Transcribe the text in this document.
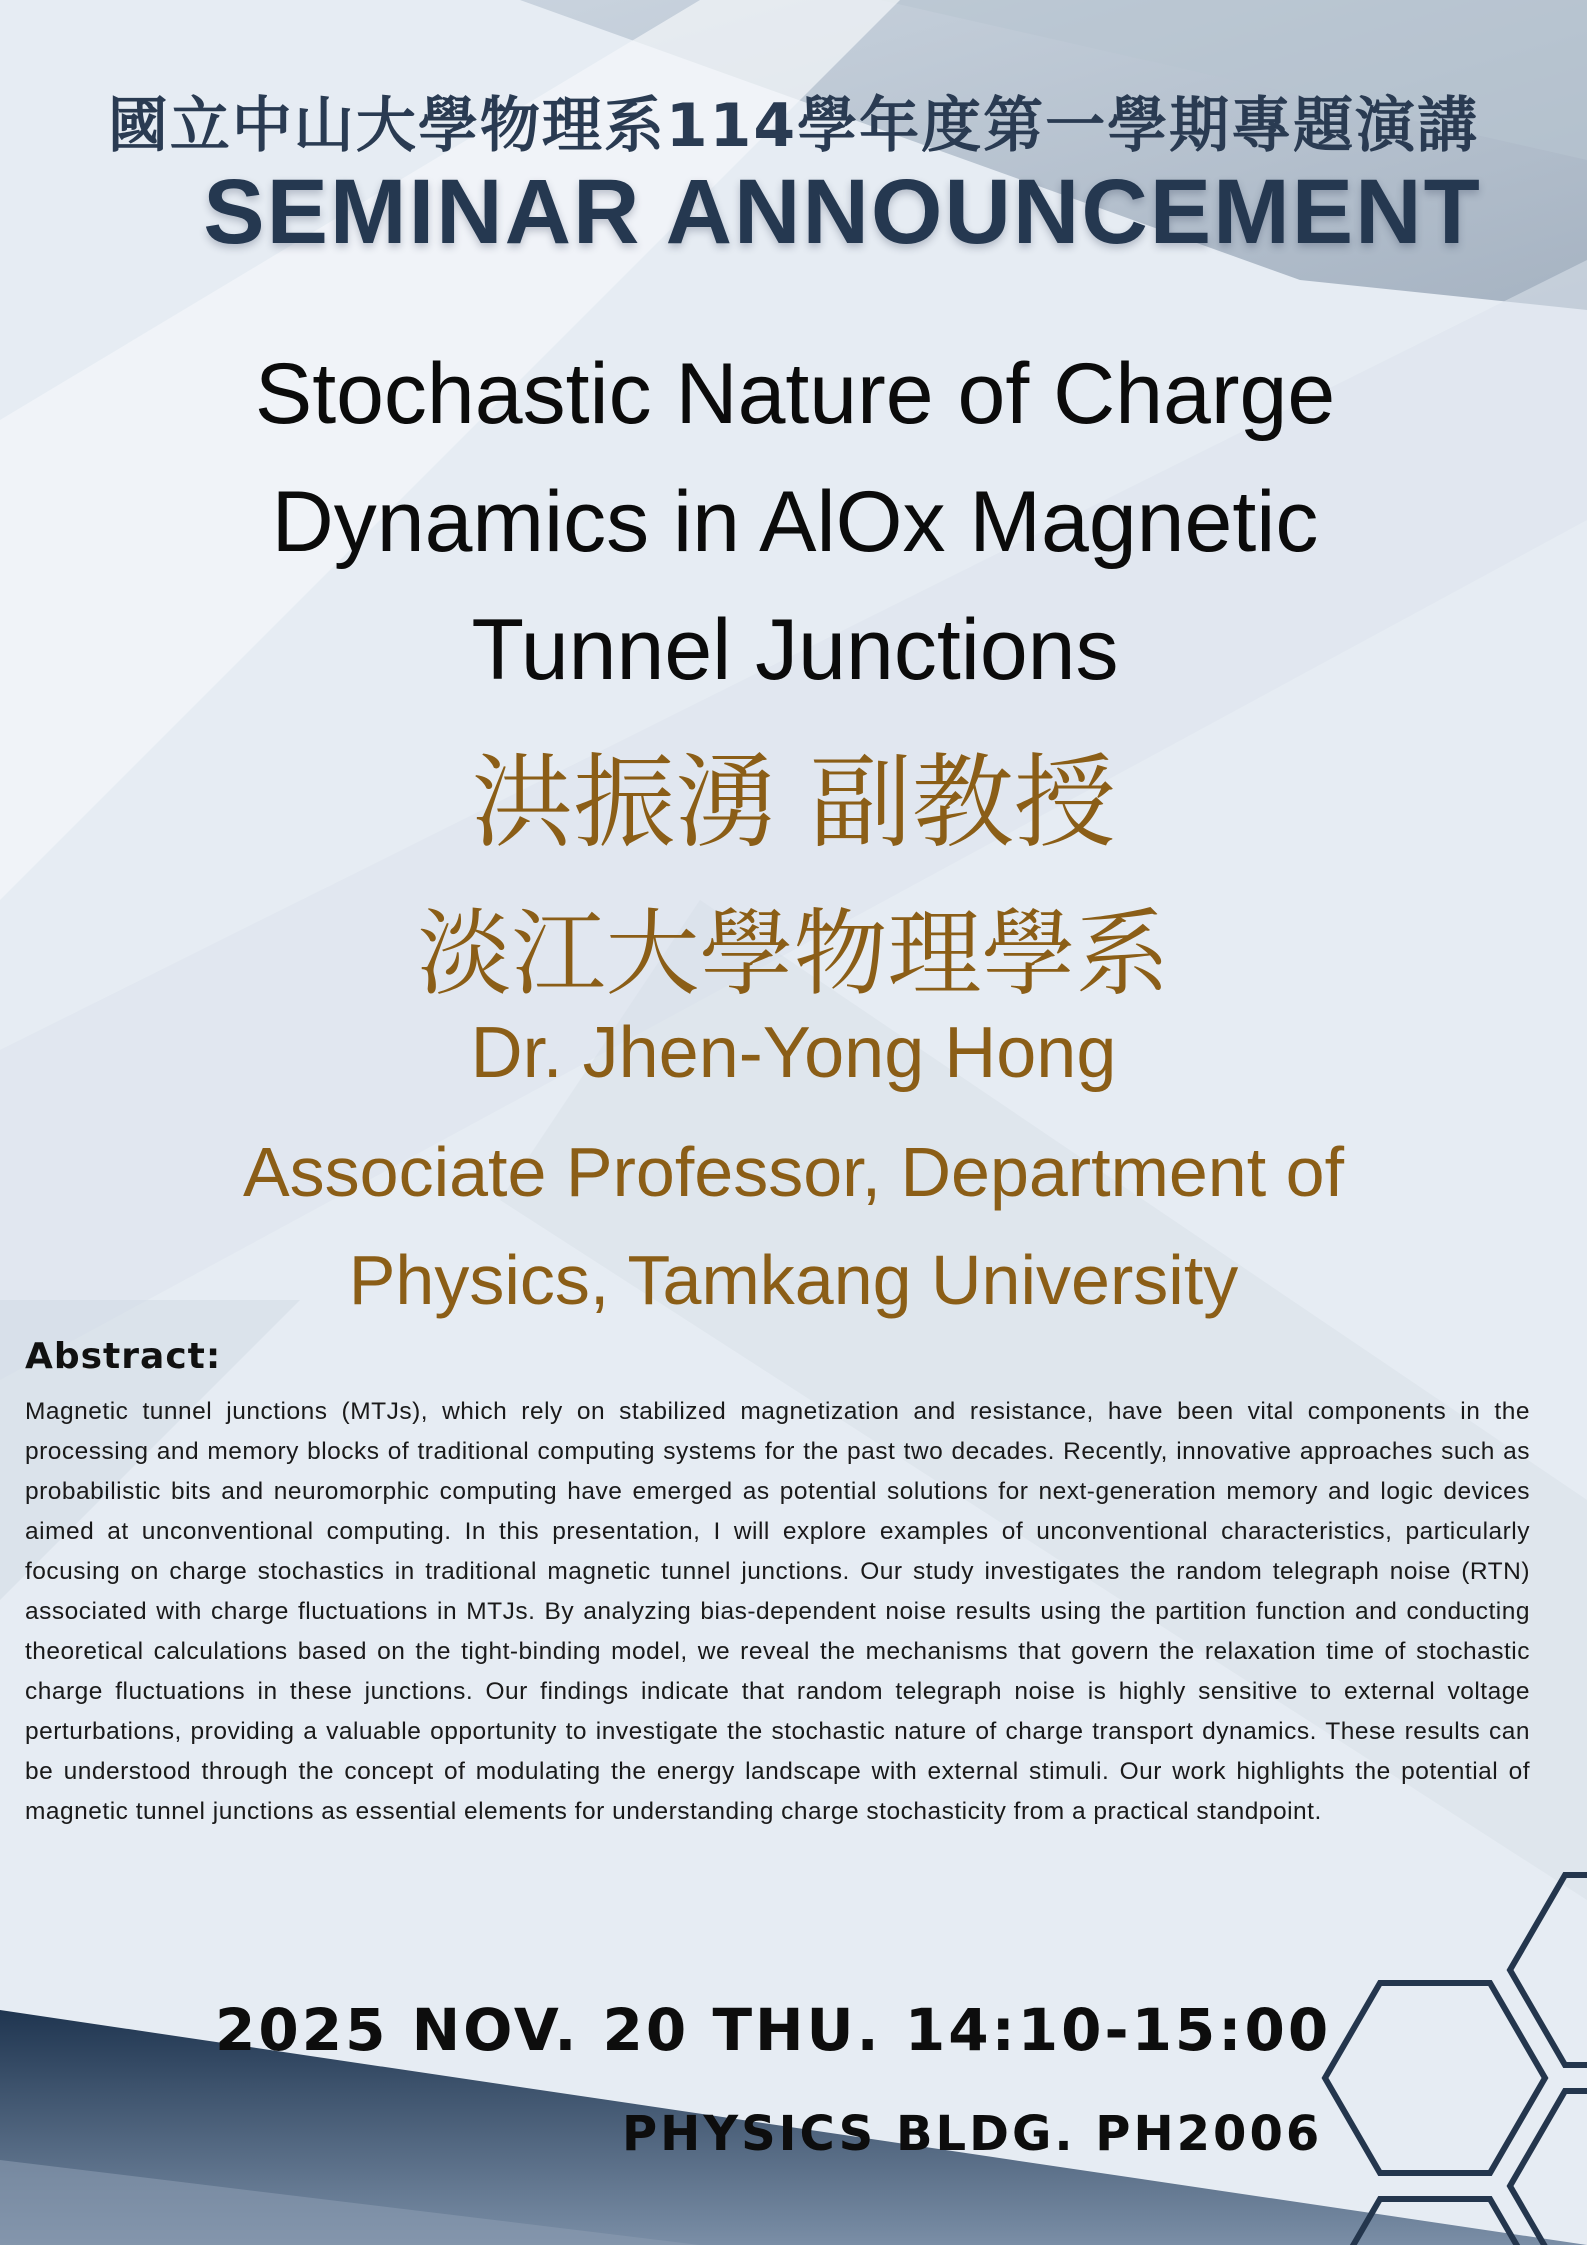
國立中山大學物理系114學年度第一學期專題演講
SEMINAR ANNOUNCEMENT
Stochastic Nature of Charge
Dynamics in AlOx Magnetic
Tunnel Junctions
洪振湧 副教授
淡江大學物理學系
Dr. Jhen-Yong Hong
Associate Professor, Department of
Physics, Tamkang University
Abstract:

Magnetic tunnel junctions (MTJs), which rely on stabilized magnetization and resistance, have been vital components in the processing and memory blocks of traditional computing systems for the past two decades. Recently, innovative approaches such as probabilistic bits and neuromorphic computing have emerged as potential solutions for next-generation memory and logic devices aimed at unconventional computing. In this presentation, I will explore examples of unconventional characteristics, particularly focusing on charge stochastics in traditional magnetic tunnel junctions. Our study investigates the random telegraph noise (RTN) associated with charge fluctuations in MTJs. By analyzing bias-dependent noise results using the partition function and conducting theoretical calculations based on the tight-binding model, we reveal the mechanisms that govern the relaxation time of stochastic charge fluctuations in these junctions. Our findings indicate that random telegraph noise is highly sensitive to external voltage perturbations, providing a valuable opportunity to investigate the stochastic nature of charge transport dynamics. These results can be understood through the concept of modulating the energy landscape with external stimuli. Our work highlights the potential of magnetic tunnel junctions as essential elements for understanding charge stochasticity from a practical standpoint.

2025 NOV. 20 THU. 14:10-15:00
PHYSICS BLDG. PH2006
